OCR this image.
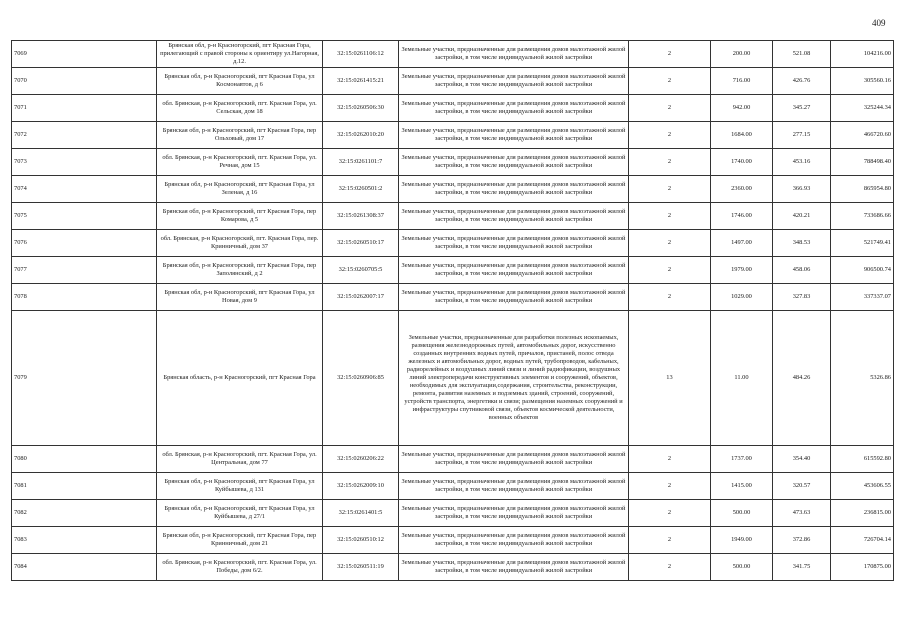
409
7069	Брянская обл, р-н Красногорский, пгт Красная Гора, прилегающий с правой стороны к ориентиру ул.Нагорная, д.12.	32:15:0261106:12	Земельные участки, предназначенные для размещения домов малоэтажной жилой застройки, в том числе индивидуальной жилой застройки	2	200.00	521.08	104216.00
7070	Брянская обл, р-н Красногорский, пгт Красная Гора, ул Космонавтов, д 6	32:15:0261415:21	Земельные участки, предназначенные для размещения домов малоэтажной жилой застройки, в том числе индивидуальной жилой застройки	2	716.00	426.76	305560.16
7071	обл. Брянская, р-н Красногорский, пгт. Красная Гора, ул. Сельская, дом 18	32:15:0260506:30	Земельные участки, предназначенные для размещения домов малоэтажной жилой застройки, в том числе индивидуальной жилой застройки	2	942.00	345.27	325244.34
7072	Брянская обл, р-н Красногорский, пгт Красная Гора, пер Ольховый, дом 17	32:15:0262010:20	Земельные участки, предназначенные для размещения домов малоэтажной жилой застройки, в том числе индивидуальной жилой застройки	2	1684.00	277.15	466720.60
7073	обл. Брянская, р-н Красногорский, пгт. Красная Гора, ул. Речная, дом 15	32:15:0261101:7	Земельные участки, предназначенные для размещения домов малоэтажной жилой застройки, в том числе индивидуальной жилой застройки	2	1740.00	453.16	788498.40
7074	Брянская обл, р-н Красногорский, пгт Красная Гора, ул Зеленая, д 16	32:15:0260501:2	Земельные участки, предназначенные для размещения домов малоэтажной жилой застройки, в том числе индивидуальной жилой застройки	2	2360.00	366.93	865954.80
7075	Брянская обл, р-н Красногорский, пгт Красная Гора, пер Комарова, д 5	32:15:0261308:37	Земельные участки, предназначенные для размещения домов малоэтажной жилой застройки, в том числе индивидуальной жилой застройки	2	1746.00	420.21	733686.66
7076	обл. Брянская, р-н Красногорский, пгт. Красная Гора, пер. Кринничный, дом 37	32:15:0260510:17	Земельные участки, предназначенные для размещения домов малоэтажной жилой застройки, в том числе индивидуальной жилой застройки	2	1497.00	348.53	521749.41
7077	Брянская обл, р-н Красногорский, пгт Красная Гора, пер Заполянский, д 2	32:15:0260705:5	Земельные участки, предназначенные для размещения домов малоэтажной жилой застройки, в том числе индивидуальной жилой застройки	2	1979.00	458.06	906500.74
7078	Брянская обл, р-н Красногорский, пгт Красная Гора, ул Новая, дом 9	32:15:0262007:17	Земельные участки, предназначенные для размещения домов малоэтажной жилой застройки, в том числе индивидуальной жилой застройки	2	1029.00	327.83	337337.07
7079	Брянская область, р-н Красногорский, пгт Красная Гора	32:15:0260906:85	Земельные участки, предназначенные для разработки полезных ископаемых, размещения железнодорожных путей, автомобильных дорог, искусственно созданных внутренних водных путей, причалов, пристаней, полос отвода железных и автомобильных дорог, водных путей, трубопроводов, кабельных, радиорелейных и воздушных линий связи и линий радиофикации, воздушных линий электропередачи конструктивных элементов и сооружений, объектов, необходимых для эксплуатации,содержания, строительства, реконструкции, ремонта, развития наземных и подземных зданий, строений, сооружений, устройств транспорта, энергетики и связи; размещения наземных сооружений и инфраструктуры спутниковой связи, объектов космической деятельности, военных объектов	13	11.00	484.26	5326.86
7080	обл. Брянская, р-н Красногорский, пгт. Красная Гора, ул. Центральная, дом 77	32:15:0260206:22	Земельные участки, предназначенные для размещения домов малоэтажной жилой застройки, в том числе индивидуальной жилой застройки	2	1737.00	354.40	615592.80
7081	Брянская обл, р-н Красногорский, пгт Красная Гора, ул Куйбышева, д 131	32:15:0262009:10	Земельные участки, предназначенные для размещения домов малоэтажной жилой застройки, в том числе индивидуальной жилой застройки	2	1415.00	320.57	453606.55
7082	Брянская обл, р-н Красногорский, пгт Красная Гора, ул Куйбышева, д 27/1	32:15:0261401:5	Земельные участки, предназначенные для размещения домов малоэтажной жилой застройки, в том числе индивидуальной жилой застройки	2	500.00	473.63	236815.00
7083	Брянская обл, р-н Красногорский, пгт Красная Гора, пер Кринничный, дом 21	32:15:0260510:12	Земельные участки, предназначенные для размещения домов малоэтажной жилой застройки, в том числе индивидуальной жилой застройки	2	1949.00	372.86	726704.14
7084	обл. Брянская, р-н Красногорский, пгт. Красная Гора, ул. Победы, дом 6/2.	32:15:0260511:19	Земельные участки, предназначенные для размещения домов малоэтажной жилой застройки, в том числе индивидуальной жилой застройки	2	500.00	341.75	170875.00
